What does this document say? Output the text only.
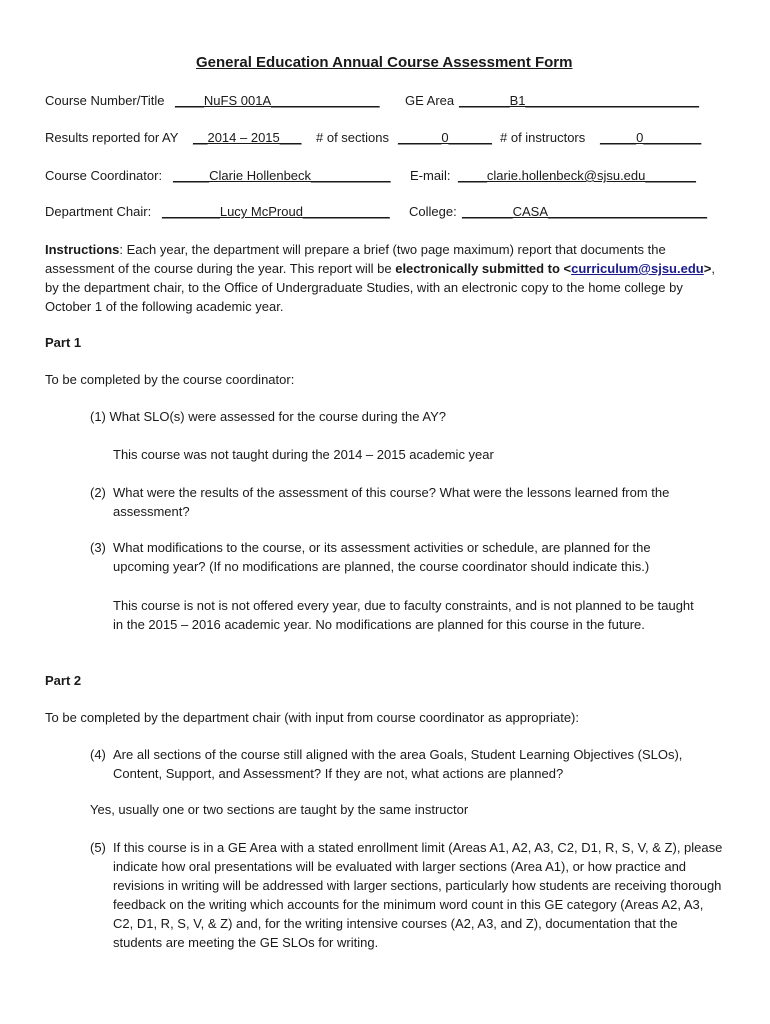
General Education Annual Course Assessment Form
Course Number/Title ____NuFS 001A_______________ GE Area _______B1________________________
Results reported for AY __2014 – 2015___ # of sections ______0______ # of instructors _____0________
Course Coordinator: _____Clarie Hollenbeck___________ E-mail: ____clarie.hollenbeck@sjsu.edu_______
Department Chair: ________Lucy McProud____________ College: _______CASA______________________
Instructions: Each year, the department will prepare a brief (two page maximum) report that documents the assessment of the course during the year. This report will be electronically submitted to <curriculum@sjsu.edu>, by the department chair, to the Office of Undergraduate Studies, with an electronic copy to the home college by October 1 of the following academic year.
Part 1
To be completed by the course coordinator:
(1) What SLO(s) were assessed for the course during the AY?
This course was not taught during the 2014 – 2015 academic year
(2) What were the results of the assessment of this course? What were the lessons learned from the assessment?
(3) What modifications to the course, or its assessment activities or schedule, are planned for the upcoming year? (If no modifications are planned, the course coordinator should indicate this.)
This course is not is not offered every year, due to faculty constraints, and is not planned to be taught in the 2015 – 2016 academic year. No modifications are planned for this course in the future.
Part 2
To be completed by the department chair (with input from course coordinator as appropriate):
(4) Are all sections of the course still aligned with the area Goals, Student Learning Objectives (SLOs), Content, Support, and Assessment? If they are not, what actions are planned?
Yes, usually one or two sections are taught by the same instructor
(5) If this course is in a GE Area with a stated enrollment limit (Areas A1, A2, A3, C2, D1, R, S, V, & Z), please indicate how oral presentations will be evaluated with larger sections (Area A1), or how practice and revisions in writing will be addressed with larger sections, particularly how students are receiving thorough feedback on the writing which accounts for the minimum word count in this GE category (Areas A2, A3, C2, D1, R, S, V, & Z) and, for the writing intensive courses (A2, A3, and Z), documentation that the students are meeting the GE SLOs for writing.
